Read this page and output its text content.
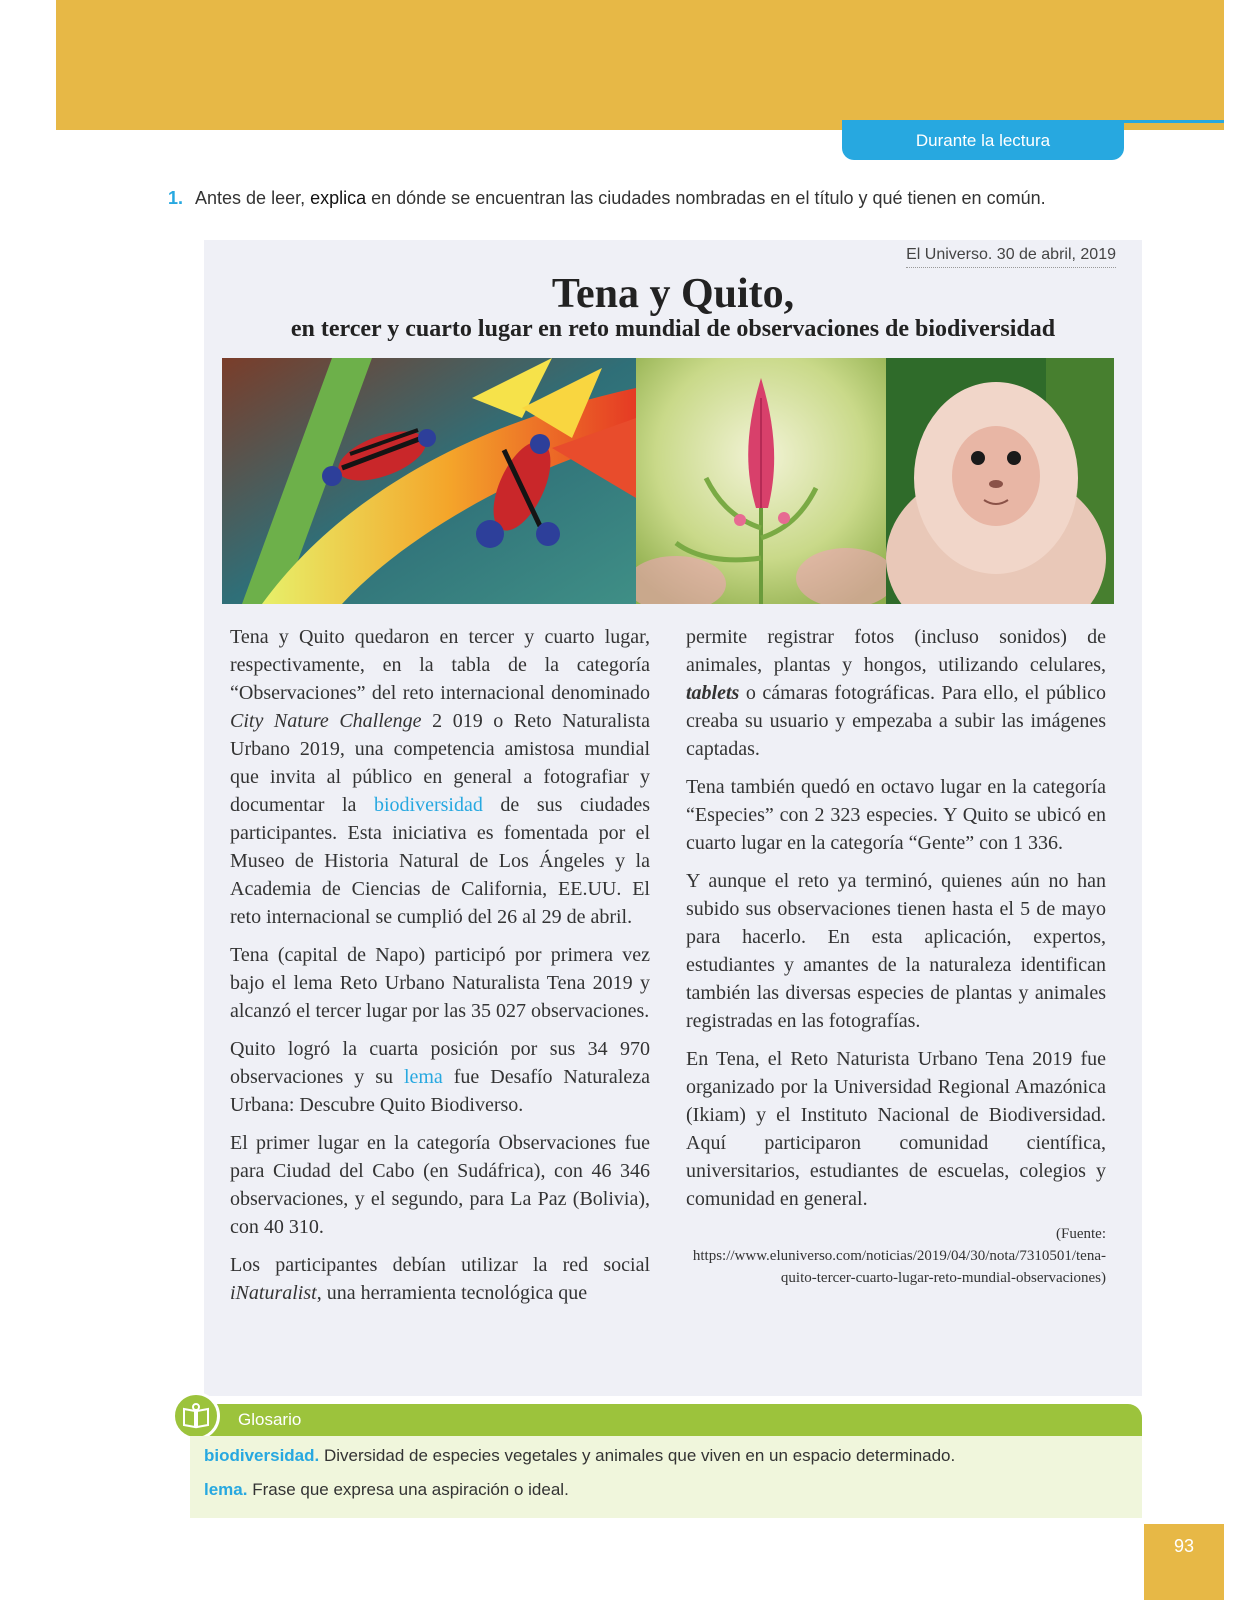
Durante la lectura
1. Antes de leer, explica en dónde se encuentran las ciudades nombradas en el título y qué tienen en común.
El Universo. 30 de abril, 2019
Tena y Quito,
en tercer y cuarto lugar en reto mundial de observaciones de biodiversidad

Tena y Quito quedaron en tercer y cuarto lugar, respectivamente, en la tabla de la categoría “Observaciones” del reto internacional denominado City Nature Challenge 2 019 o Reto Naturalista Urbano 2019, una competencia amistosa mundial que invita al público en general a fotografiar y documentar la biodiversidad de sus ciudades participantes. Esta iniciativa es fomentada por el Museo de Historia Natural de Los Ángeles y la Academia de Ciencias de California, EE.UU. El reto internacional se cumplió del 26 al 29 de abril.

Tena (capital de Napo) participó por primera vez bajo el lema Reto Urbano Naturalista Tena 2019 y alcanzó el tercer lugar por las 35 027 observaciones.

Quito logró la cuarta posición por sus 34 970 observaciones y su lema fue Desafío Naturaleza Urbana: Descubre Quito Biodiverso.

El primer lugar en la categoría Observaciones fue para Ciudad del Cabo (en Sudáfrica), con 46 346 observaciones, y el segundo, para La Paz (Bolivia), con 40 310.

Los participantes debían utilizar la red social iNaturalist, una herramienta tecnológica que

permite registrar fotos (incluso sonidos) de animales, plantas y hongos, utilizando celulares, tablets o cámaras fotográficas. Para ello, el público creaba su usuario y empezaba a subir las imágenes captadas.

Tena también quedó en octavo lugar en la categoría “Especies” con 2 323 especies. Y Quito se ubicó en cuarto lugar en la categoría “Gente” con 1 336.

Y aunque el reto ya terminó, quienes aún no han subido sus observaciones tienen hasta el 5 de mayo para hacerlo. En esta aplicación, expertos, estudiantes y amantes de la naturaleza identifican también las diversas especies de plantas y animales registradas en las fotografías.

En Tena, el Reto Naturista Urbano Tena 2019 fue organizado por la Universidad Regional Amazónica (Ikiam) y el Instituto Nacional de Biodiversidad. Aquí participaron comunidad científica, universitarios, estudiantes de escuelas, colegios y comunidad en general.

(Fuente: https://www.eluniverso.com/noticias/2019/04/30/nota/7310501/tena-quito-tercer-cuarto-lugar-reto-mundial-observaciones)
Glosario
biodiversidad. Diversidad de especies vegetales y animales que viven en un espacio determinado.
lema. Frase que expresa una aspiración o ideal.
93
